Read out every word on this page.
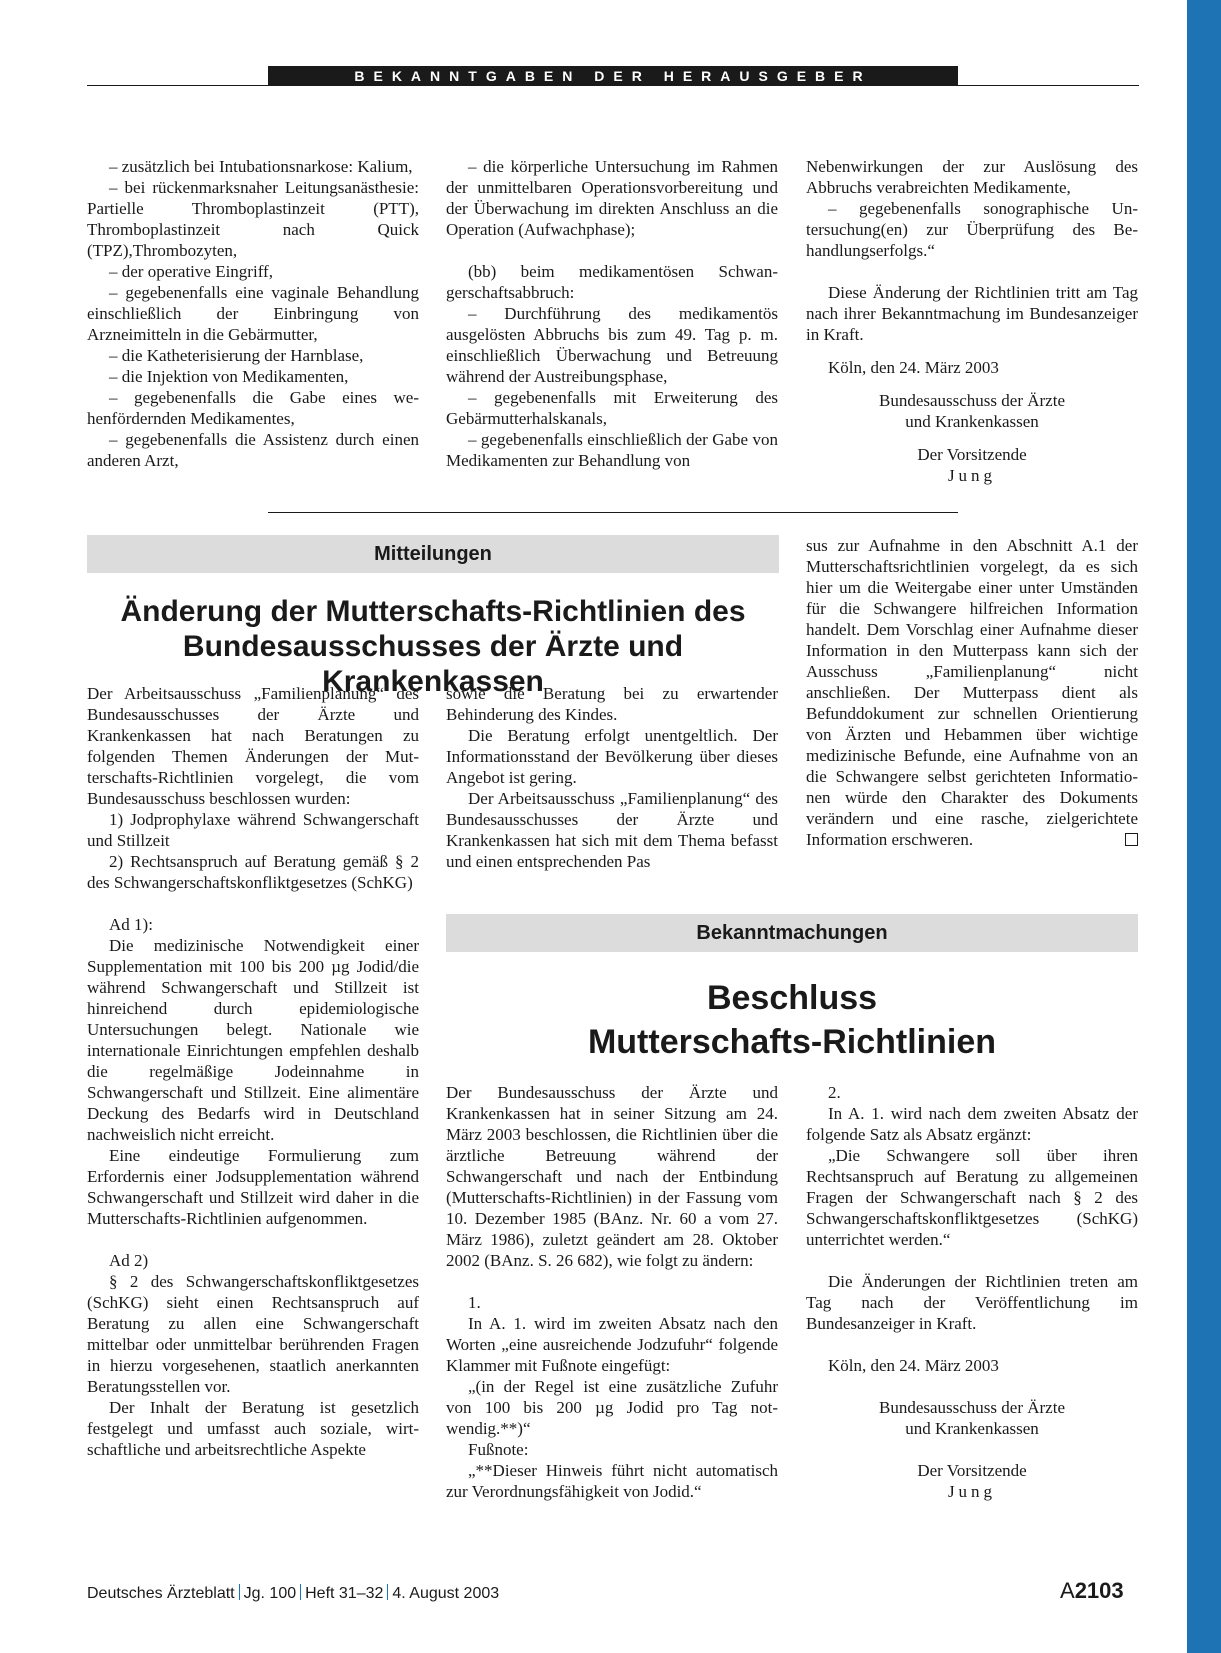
BEKANNTGABEN DER HERAUSGEBER

– zusätzlich bei Intubationsnarkose: Kalium,

– bei rückenmarksnaher Leitungsanästhesie: Partielle Thromboplastinzeit (PTT), Thromboplastinzeit nach Quick (TPZ),Thrombozyten,

– der operative Eingriff,

– gegebenenfalls eine vaginale Behandlung einschließlich der Einbringung von Arzneimitteln in die Gebärmutter,

– die Katheterisierung der Harnblase,

– die Injektion von Medikamenten,

– gegebenenfalls die Gabe eines wehenfördernden Medikamentes,

– gegebenenfalls die Assistenz durch einen anderen Arzt,

– die körperliche Untersuchung im Rahmen der unmittelbaren Operationsvorbereitung und der Überwachung im direkten Anschluss an die Operation (Aufwachphase);

(bb) beim medikamentösen Schwangerschaftsabbruch:

– Durchführung des medikamentös ausgelösten Abbruchs bis zum 49. Tag p. m. einschließlich Überwachung und Betreuung während der Austreibungsphase,

– gegebenenfalls mit Erweiterung des Gebärmutterhalskanals,

– gegebenenfalls einschließlich der Gabe von Medikamenten zur Behandlung von

Nebenwirkungen der zur Auslösung des Abbruchs verabreichten Medikamente,

– gegebenenfalls sonographische Untersuchung(en) zur Überprüfung des Behandlungserfolgs.“

Diese Änderung der Richtlinien tritt am Tag nach ihrer Bekanntmachung im Bundesanzeiger in Kraft.

Köln, den 24. März 2003

Bundesausschuss der Ärzte

und Krankenkassen

Der Vorsitzende

Jung

Mitteilungen
Änderung der Mutterschafts-Richtlinien des
Bundesausschusses der Ärzte und Krankenkassen

Der Arbeitsausschuss „Familienplanung“ des Bundesausschusses der Ärzte und Krankenkassen hat nach Beratungen zu folgenden Themen Änderungen der Mutterschafts-Richtlinien vorgelegt, die vom Bundesausschuss beschlossen wurden:

1) Jodprophylaxe während Schwangerschaft und Stillzeit

2) Rechtsanspruch auf Beratung gemäß § 2 des Schwangerschaftskonfliktgesetzes (SchKG)

Ad 1):

Die medizinische Notwendigkeit einer Supplementation mit 100 bis 200 µg Jodid/die während Schwangerschaft und Stillzeit ist hinreichend durch epidemiologische Untersuchungen belegt. Nationale wie internationale Einrichtungen empfehlen deshalb die regelmäßige Jodeinnahme in Schwangerschaft und Stillzeit. Eine alimentäre Deckung des Bedarfs wird in Deutschland nachweislich nicht erreicht.

Eine eindeutige Formulierung zum Erfordernis einer Jodsupplementation während Schwangerschaft und Stillzeit wird daher in die Mutterschafts-Richtlinien aufgenommen.

Ad 2)

§ 2 des Schwangerschaftskonfliktgesetzes (SchKG) sieht einen Rechtsanspruch auf Beratung zu allen eine Schwangerschaft mittelbar oder unmittelbar berührenden Fragen in hierzu vorgesehenen, staatlich anerkannten Beratungsstellen vor.

Der Inhalt der Beratung ist gesetzlich festgelegt und umfasst auch soziale, wirtschaftliche und arbeitsrechtliche Aspekte

sowie die Beratung bei zu erwartender Behinderung des Kindes.

Die Beratung erfolgt unentgeltlich. Der Informationsstand der Bevölkerung über dieses Angebot ist gering.

Der Arbeitsausschuss „Familienplanung“ des Bundesausschusses der Ärzte und Krankenkassen hat sich mit dem Thema befasst und einen entsprechenden Pas

sus zur Aufnahme in den Abschnitt A.1 der Mutterschaftsrichtlinien vorgelegt, da es sich hier um die Weitergabe einer unter Umständen für die Schwangere hilfreichen Information handelt. Dem Vorschlag einer Aufnahme dieser Information in den Mutterpass kann sich der Ausschuss „Familienplanung“ nicht anschließen. Der Mutterpass dient als Befunddokument zur schnellen Orientierung von Ärzten und Hebammen über wichtige medizinische Befunde, eine Aufnahme von an die Schwangere selbst gerichteten Informationen würde den Charakter des Dokuments verändern und eine rasche, zielgerichtete Information erschweren.

Bekanntmachungen
Beschluss
Mutterschafts-Richtlinien

Der Bundesausschuss der Ärzte und Krankenkassen hat in seiner Sitzung am 24. März 2003 beschlossen, die Richtlinien über die ärztliche Betreuung während der Schwangerschaft und nach der Entbindung (Mutterschafts-Richtlinien) in der Fassung vom 10. Dezember 1985 (BAnz. Nr. 60 a vom 27. März 1986), zuletzt geändert am 28. Oktober 2002 (BAnz. S. 26 682), wie folgt zu ändern:

1.

In A. 1. wird im zweiten Absatz nach den Worten „eine ausreichende Jodzufuhr“ folgende Klammer mit Fußnote eingefügt:

„(in der Regel ist eine zusätzliche Zufuhr von 100 bis 200 µg Jodid pro Tag notwendig.**)“

Fußnote:

„**Dieser Hinweis führt nicht automatisch zur Verordnungsfähigkeit von Jodid.“

2.

In A. 1. wird nach dem zweiten Absatz der folgende Satz als Absatz ergänzt:

„Die Schwangere soll über ihren Rechtsanspruch auf Beratung zu allgemeinen Fragen der Schwangerschaft nach § 2 des Schwangerschaftskonfliktgesetzes (SchKG) unterrichtet werden.“

Die Änderungen der Richtlinien treten am Tag nach der Veröffentlichung im Bundesanzeiger in Kraft.

Köln, den 24. März 2003

Bundesausschuss der Ärzte

und Krankenkassen

Der Vorsitzende

Jung

Deutsches Ärzteblatt Jg. 100 Heft 31–32 4. August 2003	A2103
